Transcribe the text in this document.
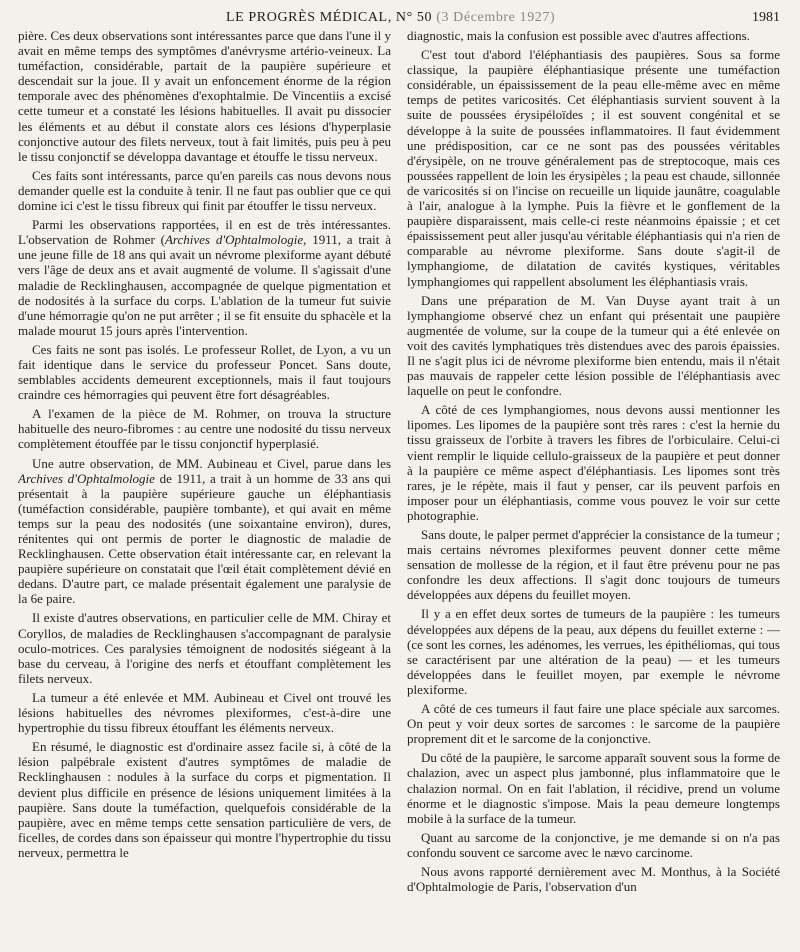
LE PROGRÈS MÉDICAL, N° 50 (3 Décembre 1927)	1981

pière. Ces deux observations sont intéressantes parce que dans l'une il y avait en même temps des symptômes d'anévrysme artério-veineux. La tuméfaction, considérable, partait de la paupière supérieure et descendait sur la joue. Il y avait un enfoncement énorme de la région temporale avec des phénomènes d'exophtalmie. De Vincentiis a excisé cette tumeur et a constaté les lésions habituelles. Il avait pu dissocier les éléments et au début il constate alors ces lésions d'hyperplasie conjonctive autour des filets nerveux, tout à fait limités, puis peu à peu le tissu conjonctif se développa davantage et étouffe le tissu nerveux.

Ces faits sont intéressants, parce qu'en pareils cas nous devons nous demander quelle est la conduite à tenir. Il ne faut pas oublier que ce qui domine ici c'est le tissu fibreux qui finit par étouffer le tissu nerveux.

Parmi les observations rapportées, il en est de très intéressantes. L'observation de Rohmer (Archives d'Ophtalmologie, 1911, a trait à une jeune fille de 18 ans qui avait un névrome plexiforme ayant débuté vers l'âge de deux ans et avait augmenté de volume. Il s'agissait d'une maladie de Recklinghausen, accompagnée de quelque pigmentation et de nodosités à la surface du corps. L'ablation de la tumeur fut suivie d'une hémorragie qu'on ne put arrêter ; il se fit ensuite du sphacèle et la malade mourut 15 jours après l'intervention.

Ces faits ne sont pas isolés. Le professeur Rollet, de Lyon, a vu un fait identique dans le service du professeur Poncet. Sans doute, semblables accidents demeurent exceptionnels, mais il faut toujours craindre ces hémorragies qui peuvent être fort désagréables.

A l'examen de la pièce de M. Rohmer, on trouva la structure habituelle des neuro-fibromes : au centre une nodosité du tissu nerveux complètement étouffée par le tissu conjonctif hyperplasié.

Une autre observation, de MM. Aubineau et Civel, parue dans les Archives d'Ophtalmologie de 1911, a trait à un homme de 33 ans qui présentait à la paupière supérieure gauche un éléphantiasis (tuméfaction considérable, paupière tombante), et qui avait en même temps sur la peau des nodosités (une soixantaine environ), dures, rénitentes qui ont permis de porter le diagnostic de maladie de Recklinghausen. Cette observation était intéressante car, en relevant la paupière supérieure on constatait que l'œil était complètement dévié en dedans. D'autre part, ce malade présentait également une paralysie de la 6e paire.

Il existe d'autres observations, en particulier celle de MM. Chiray et Coryllos, de maladies de Recklinghausen s'accompagnant de paralysie oculo-motrices. Ces paralysies témoignent de nodosités siégeant à la base du cerveau, à l'origine des nerfs et étouffant complètement les filets nerveux.

La tumeur a été enlevée et MM. Aubineau et Civel ont trouvé les lésions habituelles des névromes plexiformes, c'est-à-dire une hypertrophie du tissu fibreux étouffant les éléments nerveux.

En résumé, le diagnostic est d'ordinaire assez facile si, à côté de la lésion palpébrale existent d'autres symptômes de maladie de Recklinghausen : nodules à la surface du corps et pigmentation. Il devient plus difficile en présence de lésions uniquement limitées à la paupière. Sans doute la tuméfaction, quelquefois considérable de la paupière, avec en même temps cette sensation particulière de vers, de ficelles, de cordes dans son épaisseur qui montre l'hypertrophie du tissu nerveux, permettra le

diagnostic, mais la confusion est possible avec d'autres affections.

C'est tout d'abord l'éléphantiasis des paupières. Sous sa forme classique, la paupière éléphantiasique présente une tuméfaction considérable, un épaississement de la peau elle-même avec en même temps de petites varicosités. Cet éléphantiasis survient souvent à la suite de poussées érysipéloïdes ; il est souvent congénital et se développe à la suite de poussées inflammatoires. Il faut évidemment une prédisposition, car ce ne sont pas des poussées véritables d'érysipèle, on ne trouve généralement pas de streptocoque, mais ces poussées rappellent de loin les érysipèles ; la peau est chaude, sillonnée de varicosités si on l'incise on recueille un liquide jaunâtre, coagulable à l'air, analogue à la lymphe. Puis la fièvre et le gonflement de la paupière disparaissent, mais celle-ci reste néanmoins épaissie ; et cet épaississement peut aller jusqu'au véritable éléphantiasis qui n'a rien de comparable au névrome plexiforme. Sans doute s'agit-il de lymphangiome, de dilatation de cavités kystiques, véritables lymphangiomes qui rappellent absolument les éléphantiasis vrais.

Dans une préparation de M. Van Duyse ayant trait à un lymphangiome observé chez un enfant qui présentait une paupière augmentée de volume, sur la coupe de la tumeur qui a été enlevée on voit des cavités lymphatiques très distendues avec des parois épaissies. Il ne s'agit plus ici de névrome plexiforme bien entendu, mais il n'était pas mauvais de rappeler cette lésion possible de l'éléphantiasis avec laquelle on peut le confondre.

A côté de ces lymphangiomes, nous devons aussi mentionner les lipomes. Les lipomes de la paupière sont très rares : c'est la hernie du tissu graisseux de l'orbite à travers les fibres de l'orbiculaire. Celui-ci vient remplir le liquide cellulo-graisseux de la paupière et peut donner à la paupière ce même aspect d'éléphantiasis. Les lipomes sont très rares, je le répète, mais il faut y penser, car ils peuvent parfois en imposer pour un éléphantiasis, comme vous pouvez le voir sur cette photographie.

Sans doute, le palper permet d'apprécier la consistance de la tumeur ; mais certains névromes plexiformes peuvent donner cette même sensation de mollesse de la région, et il faut être prévenu pour ne pas confondre les deux affections. Il s'agit donc toujours de tumeurs développées aux dépens du feuillet moyen.

Il y a en effet deux sortes de tumeurs de la paupière : les tumeurs développées aux dépens de la peau, aux dépens du feuillet externe : — (ce sont les cornes, les adénomes, les verrues, les épithéliomas, qui tous se caractérisent par une altération de la peau) — et les tumeurs développées dans le feuillet moyen, par exemple le névrome plexiforme.

A côté de ces tumeurs il faut faire une place spéciale aux sarcomes. On peut y voir deux sortes de sarcomes : le sarcome de la paupière proprement dit et le sarcome de la conjonctive.

Du côté de la paupière, le sarcome apparaît souvent sous la forme de chalazion, avec un aspect plus jambonné, plus inflammatoire que le chalazion normal. On en fait l'ablation, il récidive, prend un volume énorme et le diagnostic s'impose. Mais la peau demeure longtemps mobile à la surface de la tumeur.

Quant au sarcome de la conjonctive, je me demande si on n'a pas confondu souvent ce sarcome avec le nævo carcinome.

Nous avons rapporté dernièrement avec M. Monthus, à la Société d'Ophtalmologie de Paris, l'observation d'un
